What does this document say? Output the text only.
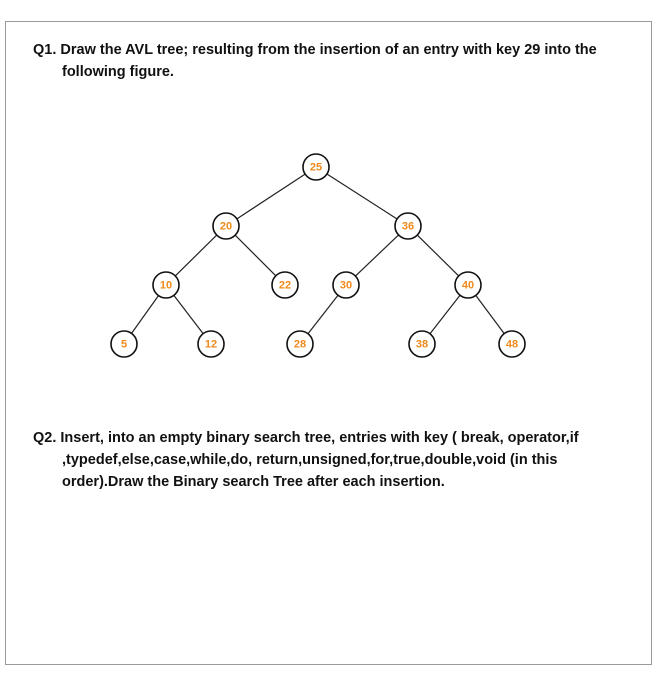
Q1. Draw the AVL tree; resulting from the insertion of an entry with key 29 into the
following figure.

Q2. Insert, into an empty binary search tree, entries with key ( break, operator,if
,typedef,else,case,while,do, return,unsigned,for,true,double,void (in this
order).Draw the Binary search Tree after each insertion.

25
20	36
10	22	30	40
5	12	28	38	48
